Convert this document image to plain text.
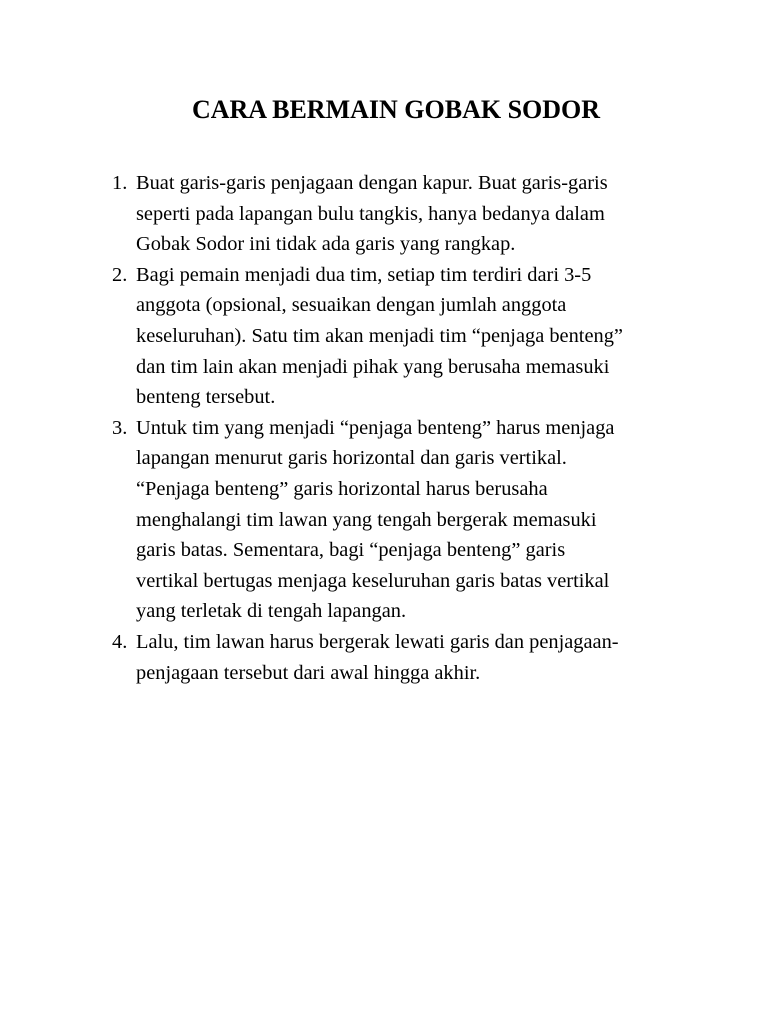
CARA BERMAIN GOBAK SODOR
1. Buat garis-garis penjagaan dengan kapur. Buat garis-garis
seperti pada lapangan bulu tangkis, hanya bedanya dalam
Gobak Sodor ini tidak ada garis yang rangkap.
2. Bagi pemain menjadi dua tim, setiap tim terdiri dari 3-5
anggota (opsional, sesuaikan dengan jumlah anggota
keseluruhan). Satu tim akan menjadi tim “penjaga benteng”
dan tim lain akan menjadi pihak yang berusaha memasuki
benteng tersebut.
3. Untuk tim yang menjadi “penjaga benteng” harus menjaga
lapangan menurut garis horizontal dan garis vertikal.
“Penjaga benteng” garis horizontal harus berusaha
menghalangi tim lawan yang tengah bergerak memasuki
garis batas. Sementara, bagi “penjaga benteng” garis
vertikal bertugas menjaga keseluruhan garis batas vertikal
yang terletak di tengah lapangan.
4. Lalu, tim lawan harus bergerak lewati garis dan penjagaan-
penjagaan tersebut dari awal hingga akhir.
